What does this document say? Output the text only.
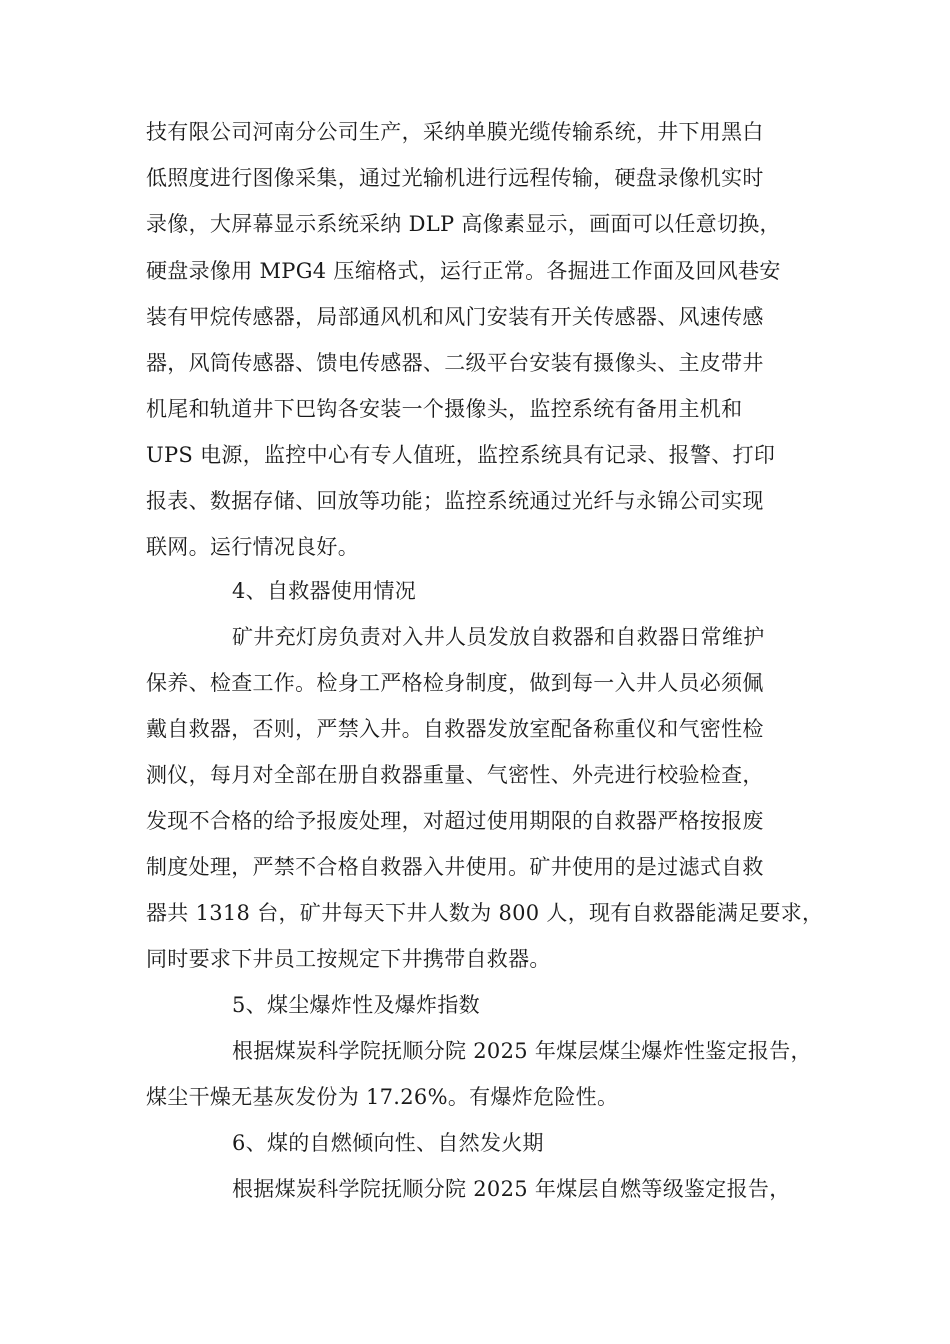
技有限公司河南分公司生产，采纳单膜光缆传输系统，井下用黑白
低照度进行图像采集，通过光输机进行远程传输，硬盘录像机实时
录像，大屏幕显示系统采纳 DLP 高像素显示，画面可以任意切换，
硬盘录像用 MPG4 压缩格式，运行正常。各掘进工作面及回风巷安
装有甲烷传感器，局部通风机和风门安装有开关传感器、风速传感
器，风筒传感器、馈电传感器、二级平台安装有摄像头、主皮带井
机尾和轨道井下巴钩各安装一个摄像头，监控系统有备用主机和
UPS 电源，监控中心有专人值班，监控系统具有记录、报警、打印
报表、数据存储、回放等功能；监控系统通过光纤与永锦公司实现
联网。运行情况良好。
4、自救器使用情况
矿井充灯房负责对入井人员发放自救器和自救器日常维护
保养、检查工作。检身工严格检身制度，做到每一入井人员必须佩
戴自救器，否则，严禁入井。自救器发放室配备称重仪和气密性检
测仪，每月对全部在册自救器重量、气密性、外壳进行校验检查，
发现不合格的给予报废处理，对超过使用期限的自救器严格按报废
制度处理，严禁不合格自救器入井使用。矿井使用的是过滤式自救
器共 1318 台，矿井每天下井人数为 800 人，现有自救器能满足要求，
同时要求下井员工按规定下井携带自救器。
5、煤尘爆炸性及爆炸指数
根据煤炭科学院抚顺分院 2025 年煤层煤尘爆炸性鉴定报告，
煤尘干燥无基灰发份为 17.26%。有爆炸危险性。
6、煤的自燃倾向性、自然发火期
根据煤炭科学院抚顺分院 2025 年煤层自燃等级鉴定报告，
